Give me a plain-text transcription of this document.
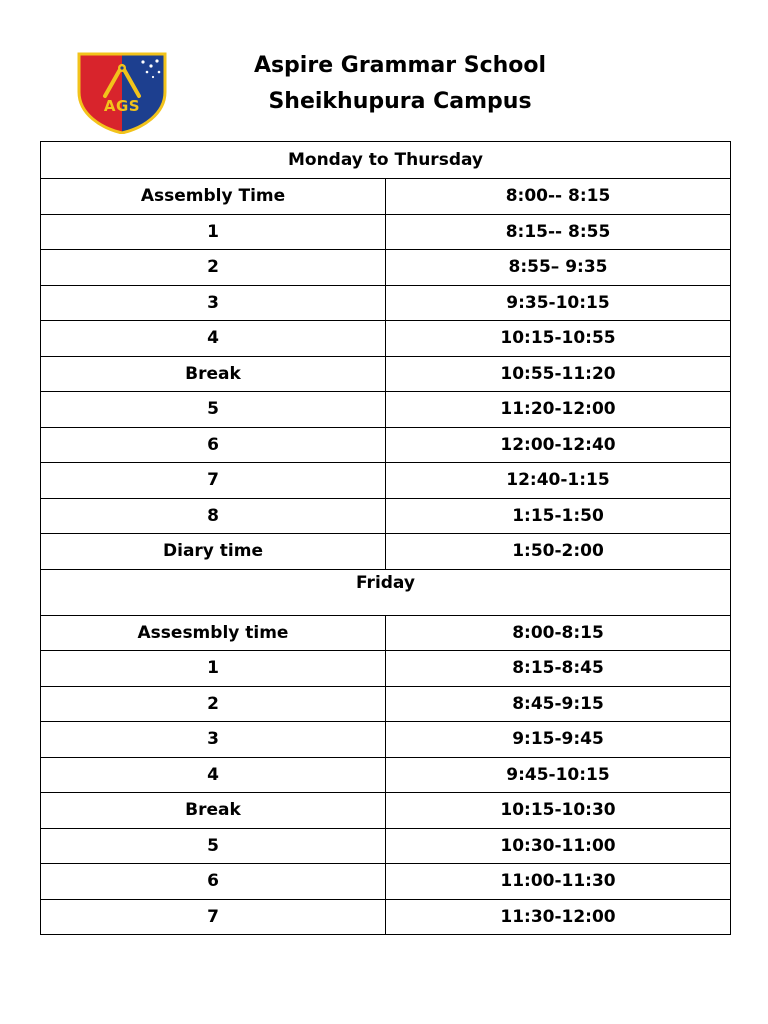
AGS
Aspire Grammar School
Sheikhupura Campus
Monday to Thursday	
Assembly Time	8:00-- 8:15
1	8:15-- 8:55
2	8:55– 9:35
3	9:35-10:15
4	10:15-10:55
Break	10:55-11:20
5	11:20-12:00
6	12:00-12:40
7	12:40-1:15
8	1:15-1:50
Diary time	1:50-2:00
Friday	
Assesmbly time	8:00-8:15
1	8:15-8:45
2	8:45-9:15
3	9:15-9:45
4	9:45-10:15
Break	10:15-10:30
5	10:30-11:00
6	11:00-11:30
7	11:30-12:00
